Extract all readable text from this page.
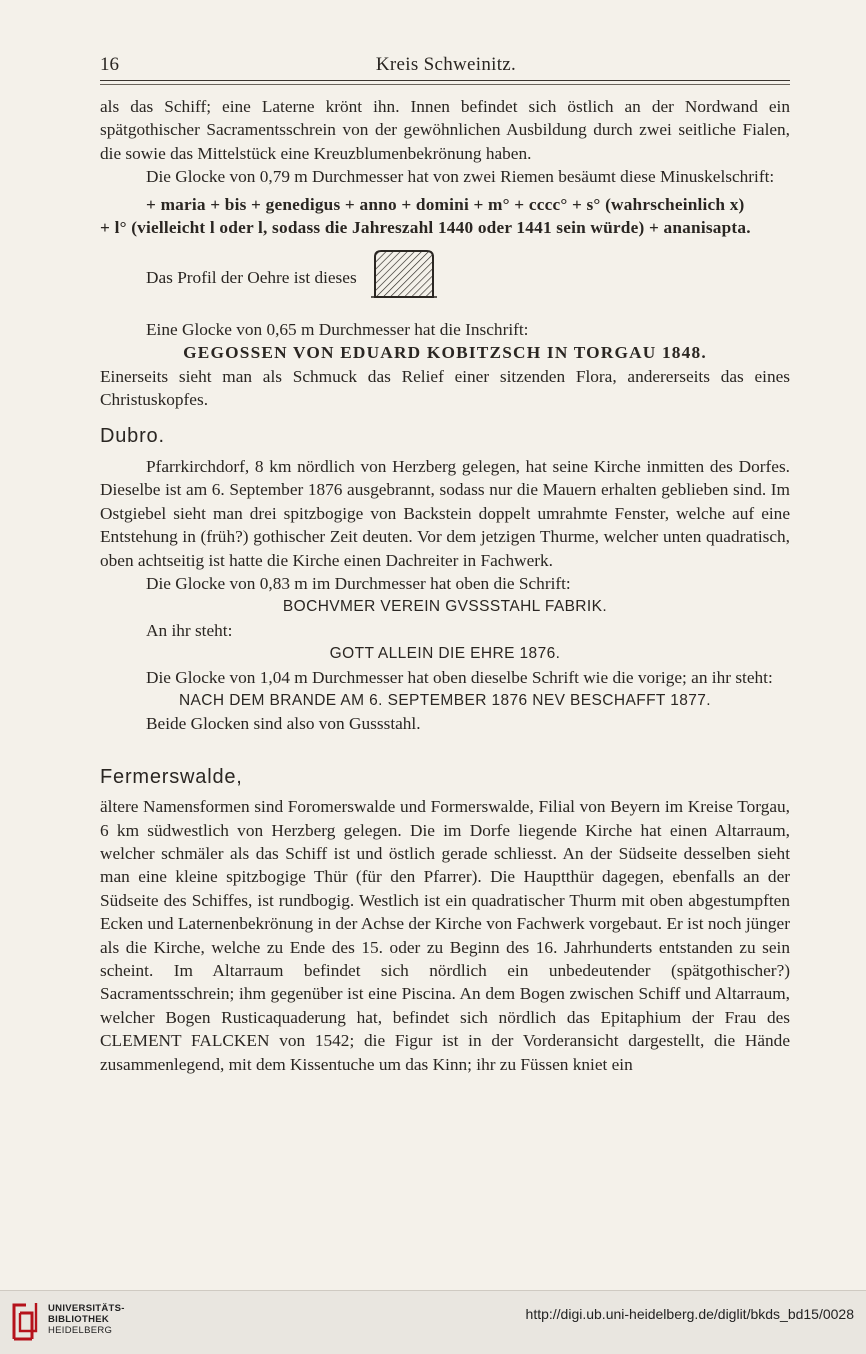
16	Kreis Schweinitz.

als das Schiff; eine Laterne krönt ihn. Innen befindet sich östlich an der Nordwand ein spätgothischer Sacramentsschrein von der gewöhnlichen Ausbildung durch zwei seitliche Fialen, die sowie das Mittelstück eine Kreuzblumenbekrönung haben.

Die Glocke von 0,79 m Durchmesser hat von zwei Riemen besäumt diese Minuskelschrift:

+ maria + bis + genedigus + anno + domini + m° + cccc° + s° (wahrscheinlich x)

+ l° (vielleicht l oder l, sodass die Jahreszahl 1440 oder 1441 sein würde) + ananisapta.

Das Profil der Oehre ist dieses

Eine Glocke von 0,65 m Durchmesser hat die Inschrift:

GEGOSSEN VON EDUARD KOBITZSCH IN TORGAU 1848.

Einerseits sieht man als Schmuck das Relief einer sitzenden Flora, andererseits das eines Christuskopfes.

Dubro.

Pfarrkirchdorf, 8 km nördlich von Herzberg gelegen, hat seine Kirche inmitten des Dorfes. Dieselbe ist am 6. September 1876 ausgebrannt, sodass nur die Mauern erhalten geblieben sind. Im Ostgiebel sieht man drei spitzbogige von Backstein doppelt umrahmte Fenster, welche auf eine Entstehung in (früh?) gothischer Zeit deuten. Vor dem jetzigen Thurme, welcher unten quadratisch, oben achtseitig ist hatte die Kirche einen Dachreiter in Fachwerk.

Die Glocke von 0,83 m im Durchmesser hat oben die Schrift:

BOCHVMER VEREIN GVSSSTAHL FABRIK.

An ihr steht:

GOTT ALLEIN DIE EHRE 1876.

Die Glocke von 1,04 m Durchmesser hat oben dieselbe Schrift wie die vorige; an ihr steht:

NACH DEM BRANDE AM 6. SEPTEMBER 1876 NEV BESCHAFFT 1877.

Beide Glocken sind also von Gussstahl.

Fermerswalde,

ältere Namensformen sind Foromerswalde und Formerswalde, Filial von Beyern im Kreise Torgau, 6 km südwestlich von Herzberg gelegen. Die im Dorfe liegende Kirche hat einen Altarraum, welcher schmäler als das Schiff ist und östlich gerade schliesst. An der Südseite desselben sieht man eine kleine spitzbogige Thür (für den Pfarrer). Die Hauptthür dagegen, ebenfalls an der Südseite des Schiffes, ist rundbogig. Westlich ist ein quadratischer Thurm mit oben abgestumpften Ecken und Laternenbekrönung in der Achse der Kirche von Fachwerk vorgebaut. Er ist noch jünger als die Kirche, welche zu Ende des 15. oder zu Beginn des 16. Jahrhunderts entstanden zu sein scheint. Im Altarraum befindet sich nördlich ein unbedeutender (spätgothischer?) Sacramentsschrein; ihm gegenüber ist eine Piscina. An dem Bogen zwischen Schiff und Altarraum, welcher Bogen Rusticaquaderung hat, befindet sich nördlich das Epitaphium der Frau des CLEMENT FALCKEN von 1542; die Figur ist in der Vorderansicht dargestellt, die Hände zusammenlegend, mit dem Kissentuche um das Kinn; ihr zu Füssen kniet ein

UNIVERSITÄTS-
BIBLIOTHEK
HEIDELBERG
http://digi.ub.uni-heidelberg.de/diglit/bkds_bd15/0028
